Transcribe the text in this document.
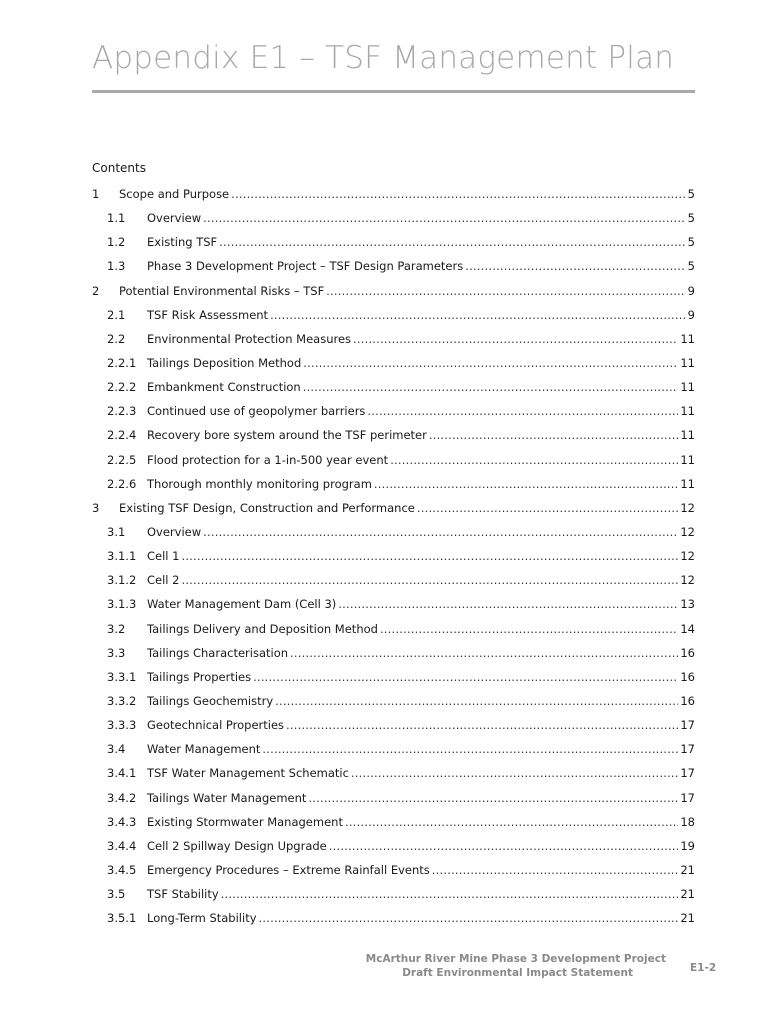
Appendix E1 – TSF Management Plan
Contents
1	Scope and Purpose .....	5
1.1	Overview .....	5
1.2	Existing TSF .....	5
1.3	Phase 3 Development Project – TSF Design Parameters .....	5
2	Potential Environmental Risks – TSF .....	9
2.1	TSF Risk Assessment .....	9
2.2	Environmental Protection Measures .....	11
2.2.1 Tailings Deposition Method .....	11
2.2.2 Embankment Construction .....	11
2.2.3 Continued use of geopolymer barriers .....	11
2.2.4 Recovery bore system around the TSF perimeter .....	11
2.2.5 Flood protection for a 1-in-500 year event .....	11
2.2.6 Thorough monthly monitoring program .....	11
3	Existing TSF Design, Construction and Performance .....	12
3.1	Overview .....	12
3.1.1 Cell 1 .....	12
3.1.2 Cell 2 .....	12
3.1.3 Water Management Dam (Cell 3) .....	13
3.2	Tailings Delivery and Deposition Method .....	14
3.3	Tailings Characterisation .....	16
3.3.1 Tailings Properties .....	16
3.3.2 Tailings Geochemistry .....	16
3.3.3 Geotechnical Properties .....	17
3.4	Water Management .....	17
3.4.1 TSF Water Management Schematic .....	17
3.4.2 Tailings Water Management .....	17
3.4.3 Existing Stormwater Management .....	18
3.4.4 Cell 2 Spillway Design Upgrade .....	19
3.4.5 Emergency Procedures – Extreme Rainfall Events .....	21
3.5	TSF Stability .....	21
3.5.1 Long-Term Stability .....	21
McArthur River Mine Phase 3 Development Project
Draft Environmental Impact Statement	E1-2
